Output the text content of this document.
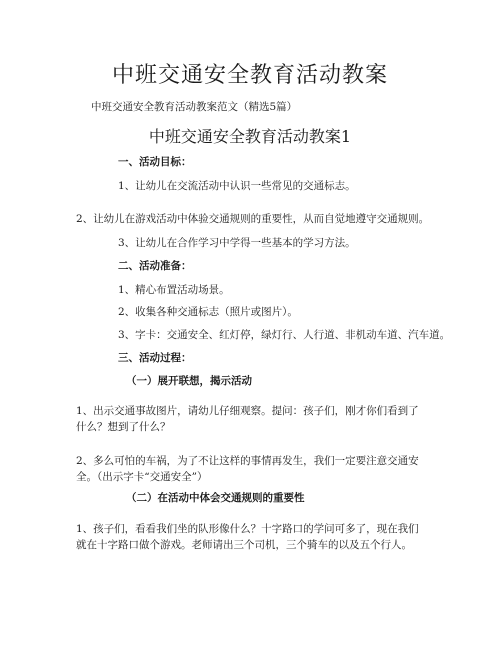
中班交通安全教育活动教案
中班交通安全教育活动教案范文（精选5篇）
中班交通安全教育活动教案1
一、活动目标：
1、让幼儿在交流活动中认识一些常见的交通标志。
2、让幼儿在游戏活动中体验交通规则的重要性，从而自觉地遵守交通规则。
3、让幼儿在合作学习中学得一些基本的学习方法。
二、活动准备：
1、精心布置活动场景。
2、收集各种交通标志（照片或图片）。
3、字卡：交通安全、红灯停，绿灯行、人行道、非机动车道、汽车道。
三、活动过程：
（一）展开联想，揭示活动
1、出示交通事故图片，请幼儿仔细观察。提问：孩子们，刚才你们看到了什么？想到了什么？
2、多么可怕的车祸，为了不让这样的事情再发生，我们一定要注意交通安全。（出示字卡“交通安全”）
（二）在活动中体会交通规则的重要性
1、孩子们，看看我们坐的队形像什么？十字路口的学问可多了，现在我们就在十字路口做个游戏。老师请出三个司机，三个骑车的以及五个行人。
